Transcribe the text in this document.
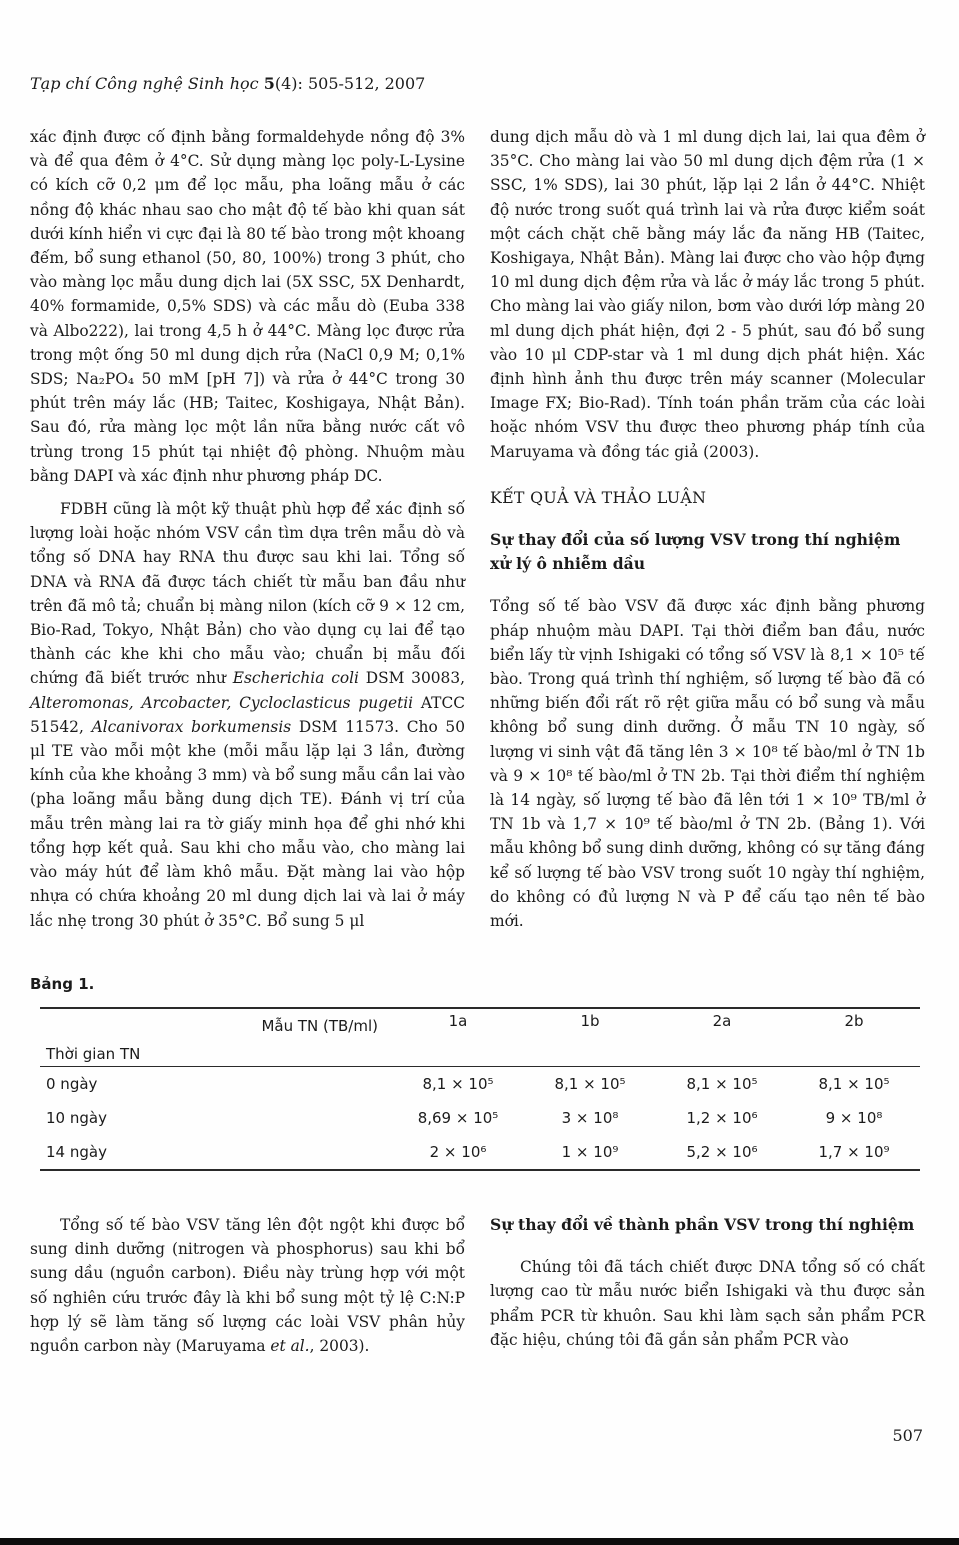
Tạp chí Công nghệ Sinh học 5(4): 505-512, 2007

xác định được cố định bằng formaldehyde nồng độ 3% và để qua đêm ở 4°C. Sử dụng màng lọc poly-L-Lysine có kích cỡ 0,2 μm để lọc mẫu, pha loãng mẫu ở các nồng độ khác nhau sao cho mật độ tế bào khi quan sát dưới kính hiển vi cực đại là 80 tế bào trong một khoang đếm, bổ sung ethanol (50, 80, 100%) trong 3 phút, cho vào màng lọc mẫu dung dịch lai (5X SSC, 5X Denhardt, 40% formamide, 0,5% SDS) và các mẫu dò (Euba 338 và Albo222), lai trong 4,5 h ở 44°C. Màng lọc được rửa trong một ống 50 ml dung dịch rửa (NaCl 0,9 M; 0,1% SDS; Na₂PO₄ 50 mM [pH 7]) và rửa ở 44°C trong 30 phút trên máy lắc (HB; Taitec, Koshigaya, Nhật Bản). Sau đó, rửa màng lọc một lần nữa bằng nước cất vô trùng trong 15 phút tại nhiệt độ phòng. Nhuộm màu bằng DAPI và xác định như phương pháp DC.

FDBH cũng là một kỹ thuật phù hợp để xác định số lượng loài hoặc nhóm VSV cần tìm dựa trên mẫu dò và tổng số DNA hay RNA thu được sau khi lai. Tổng số DNA và RNA đã được tách chiết từ mẫu ban đầu như trên đã mô tả; chuẩn bị màng nilon (kích cỡ 9 × 12 cm, Bio-Rad, Tokyo, Nhật Bản) cho vào dụng cụ lai để tạo thành các khe khi cho mẫu vào; chuẩn bị mẫu đối chứng đã biết trước như Escherichia coli DSM 30083, Alteromonas, Arcobacter, Cycloclasticus pugetii ATCC 51542, Alcanivorax borkumensis DSM 11573. Cho 50 μl TE vào mỗi một khe (mỗi mẫu lặp lại 3 lần, đường kính của khe khoảng 3 mm) và bổ sung mẫu cần lai vào (pha loãng mẫu bằng dung dịch TE). Đánh vị trí của mẫu trên màng lai ra tờ giấy minh họa để ghi nhớ khi tổng hợp kết quả. Sau khi cho mẫu vào, cho màng lai vào máy hút để làm khô mẫu. Đặt màng lai vào hộp nhựa có chứa khoảng 20 ml dung dịch lai và lai ở máy lắc nhẹ trong 30 phút ở 35°C. Bổ sung 5 μl

dung dịch mẫu dò và 1 ml dung dịch lai, lai qua đêm ở 35°C. Cho màng lai vào 50 ml dung dịch đệm rửa (1 × SSC, 1% SDS), lai 30 phút, lặp lại 2 lần ở 44°C. Nhiệt độ nước trong suốt quá trình lai và rửa được kiểm soát một cách chặt chẽ bằng máy lắc đa năng HB (Taitec, Koshigaya, Nhật Bản). Màng lai được cho vào hộp đựng 10 ml dung dịch đệm rửa và lắc ở máy lắc trong 5 phút. Cho màng lai vào giấy nilon, bơm vào dưới lớp màng 20 ml dung dịch phát hiện, đợi 2 - 5 phút, sau đó bổ sung vào 10 μl CDP-star và 1 ml dung dịch phát hiện. Xác định hình ảnh thu được trên máy scanner (Molecular Image FX; Bio-Rad). Tính toán phần trăm của các loài hoặc nhóm VSV thu được theo phương pháp tính của Maruyama và đồng tác giả (2003).

KẾT QUẢ VÀ THẢO LUẬN
Sự thay đổi của số lượng VSV trong thí nghiệm xử lý ô nhiễm dầu

Tổng số tế bào VSV đã được xác định bằng phương pháp nhuộm màu DAPI. Tại thời điểm ban đầu, nước biển lấy từ vịnh Ishigaki có tổng số VSV là 8,1 × 10⁵ tế bào. Trong quá trình thí nghiệm, số lượng tế bào đã có những biến đổi rất rõ rệt giữa mẫu có bổ sung và mẫu không bổ sung dinh dưỡng. Ở mẫu TN 10 ngày, số lượng vi sinh vật đã tăng lên 3 × 10⁸ tế bào/ml ở TN 1b và 9 × 10⁸ tế bào/ml ở TN 2b. Tại thời điểm thí nghiệm là 14 ngày, số lượng tế bào đã lên tới 1 × 10⁹ TB/ml ở TN 1b và 1,7 × 10⁹ tế bào/ml ở TN 2b. (Bảng 1). Với mẫu không bổ sung dinh dưỡng, không có sự tăng đáng kể số lượng tế bào VSV trong suốt 10 ngày thí nghiệm, do không có đủ lượng N và P để cấu tạo nên tế bào mới.

Bảng 1.
Mẫu TN (TB/ml)	1a	1b	2a	2b
Thời gian TN				
0 ngày	8,1 × 10⁵	8,1 × 10⁵	8,1 × 10⁵	8,1 × 10⁵
10 ngày	8,69 × 10⁵	3 × 10⁸	1,2 × 10⁶	9 × 10⁸
14 ngày	2 × 10⁶	1 × 10⁹	5,2 × 10⁶	1,7 × 10⁹

Tổng số tế bào VSV tăng lên đột ngột khi được bổ sung dinh dưỡng (nitrogen và phosphorus) sau khi bổ sung dầu (nguồn carbon). Điều này trùng hợp với một số nghiên cứu trước đây là khi bổ sung một tỷ lệ C:N:P hợp lý sẽ làm tăng số lượng các loài VSV phân hủy nguồn carbon này (Maruyama et al., 2003).

Sự thay đổi về thành phần VSV trong thí nghiệm

Chúng tôi đã tách chiết được DNA tổng số có chất lượng cao từ mẫu nước biển Ishigaki và thu được sản phẩm PCR từ khuôn. Sau khi làm sạch sản phẩm PCR đặc hiệu, chúng tôi đã gắn sản phẩm PCR vào

507
